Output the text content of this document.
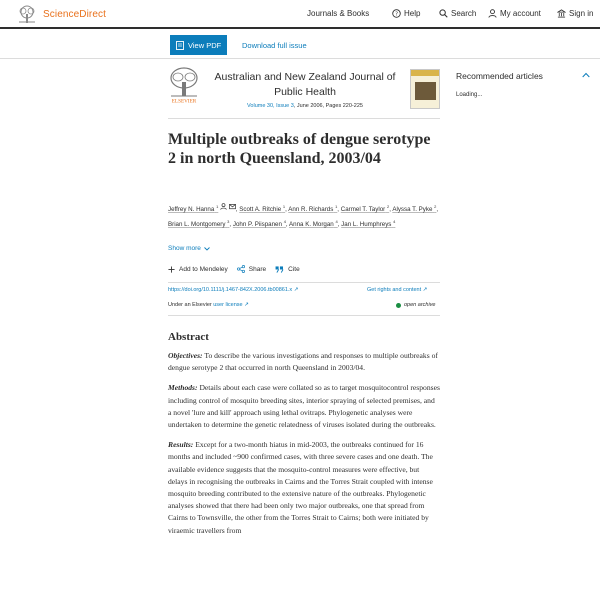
ScienceDirect	Journals & Books	? Help	Search	My account	Sign in
View PDF	Download full issue
ELSEVIER
Australian and New Zealand Journal of Public Health
Volume 30, Issue 3, June 2006, Pages 220-225
Multiple outbreaks of dengue serotype 2 in north Queensland, 2003/04
Jeffrey N. Hanna $^1$	, Scott A. Ritchie $^1$, Ann R. Richards $^1$, Carmel T. Taylor $^2$, Alyssa T. Pyke $^2$, Brian L. Montgomery $^3$, John P. Piispanen $^4$, Anna K. Morgan $^4$, Jan L. Humphreys $^4$
Show more
Add to Mendeley	Share	Cite
https://doi.org/10.1111/j.1467-842X.2006.tb00861.x ↗	Get rights and content ↗
Under an Elsevier user license ↗	open archive
Abstract

Objectives: To describe the various investigations and responses to multiple outbreaks of dengue serotype 2 that occurred in north Queensland in 2003/04.

Methods: Details about each case were collated so as to target mosquitocontrol responses including control of mosquito breeding sites, interior spraying of selected premises, and a novel 'lure and kill' approach using lethal ovitraps. Phylogenetic analyses were undertaken to determine the genetic relatedness of viruses isolated during the outbreaks.

Results: Except for a two-month hiatus in mid-2003, the outbreaks continued for 16 months and included ~900 confirmed cases, with three severe cases and one death. The available evidence suggests that the mosquito-control measures were effective, but delays in recognising the outbreaks in Cairns and the Torres Strait coupled with intense mosquito breeding contributed to the extensive nature of the outbreaks. Phylogenetic analyses showed that there had been only two major outbreaks, one that spread from Cairns to Townsville, the other from the Torres Strait to Cairns; both were initiated by viraemic travellers from

Recommended articles
Loading...
